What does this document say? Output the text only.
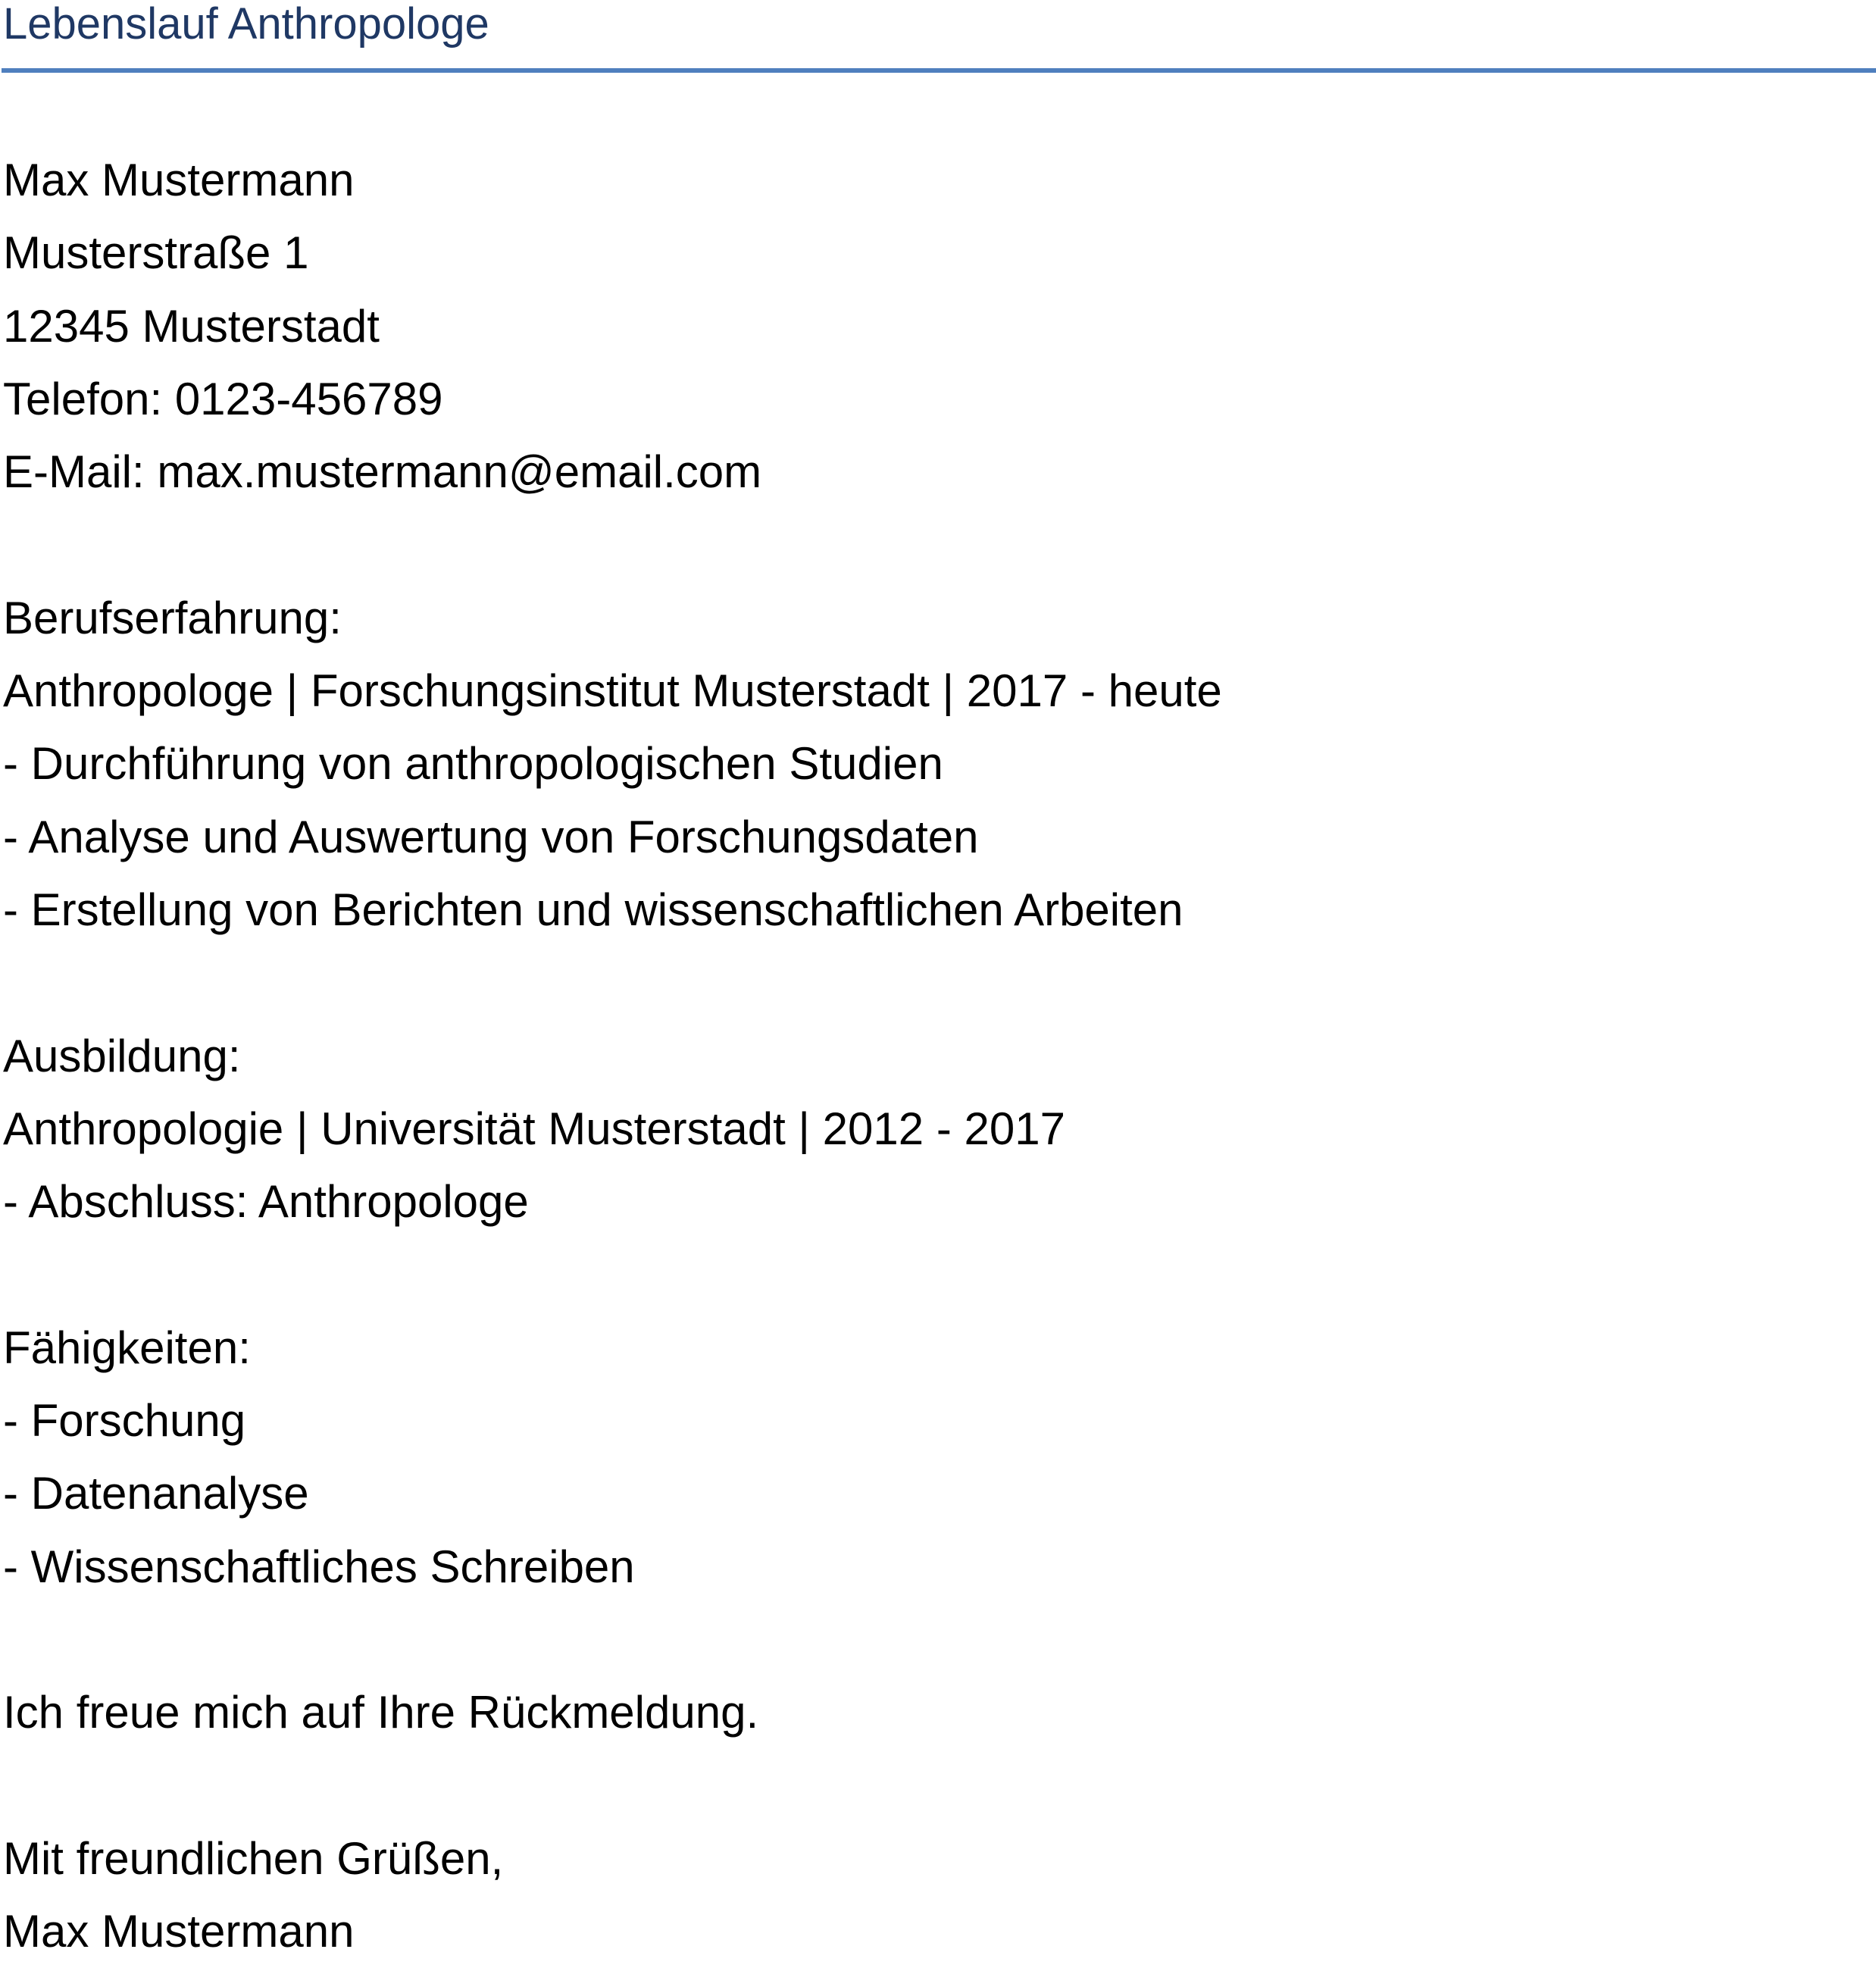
Lebenslauf Anthropologe
Max Mustermann
Musterstraße 1
12345 Musterstadt
Telefon: 0123-456789
E-Mail: max.mustermann@email.com
Berufserfahrung:
Anthropologe | Forschungsinstitut Musterstadt | 2017 - heute
- Durchführung von anthropologischen Studien
- Analyse und Auswertung von Forschungsdaten
- Erstellung von Berichten und wissenschaftlichen Arbeiten
Ausbildung:
Anthropologie | Universität Musterstadt | 2012 - 2017
- Abschluss: Anthropologe
Fähigkeiten:
- Forschung
- Datenanalyse
- Wissenschaftliches Schreiben
Ich freue mich auf Ihre Rückmeldung.
Mit freundlichen Grüßen,
Max Mustermann
